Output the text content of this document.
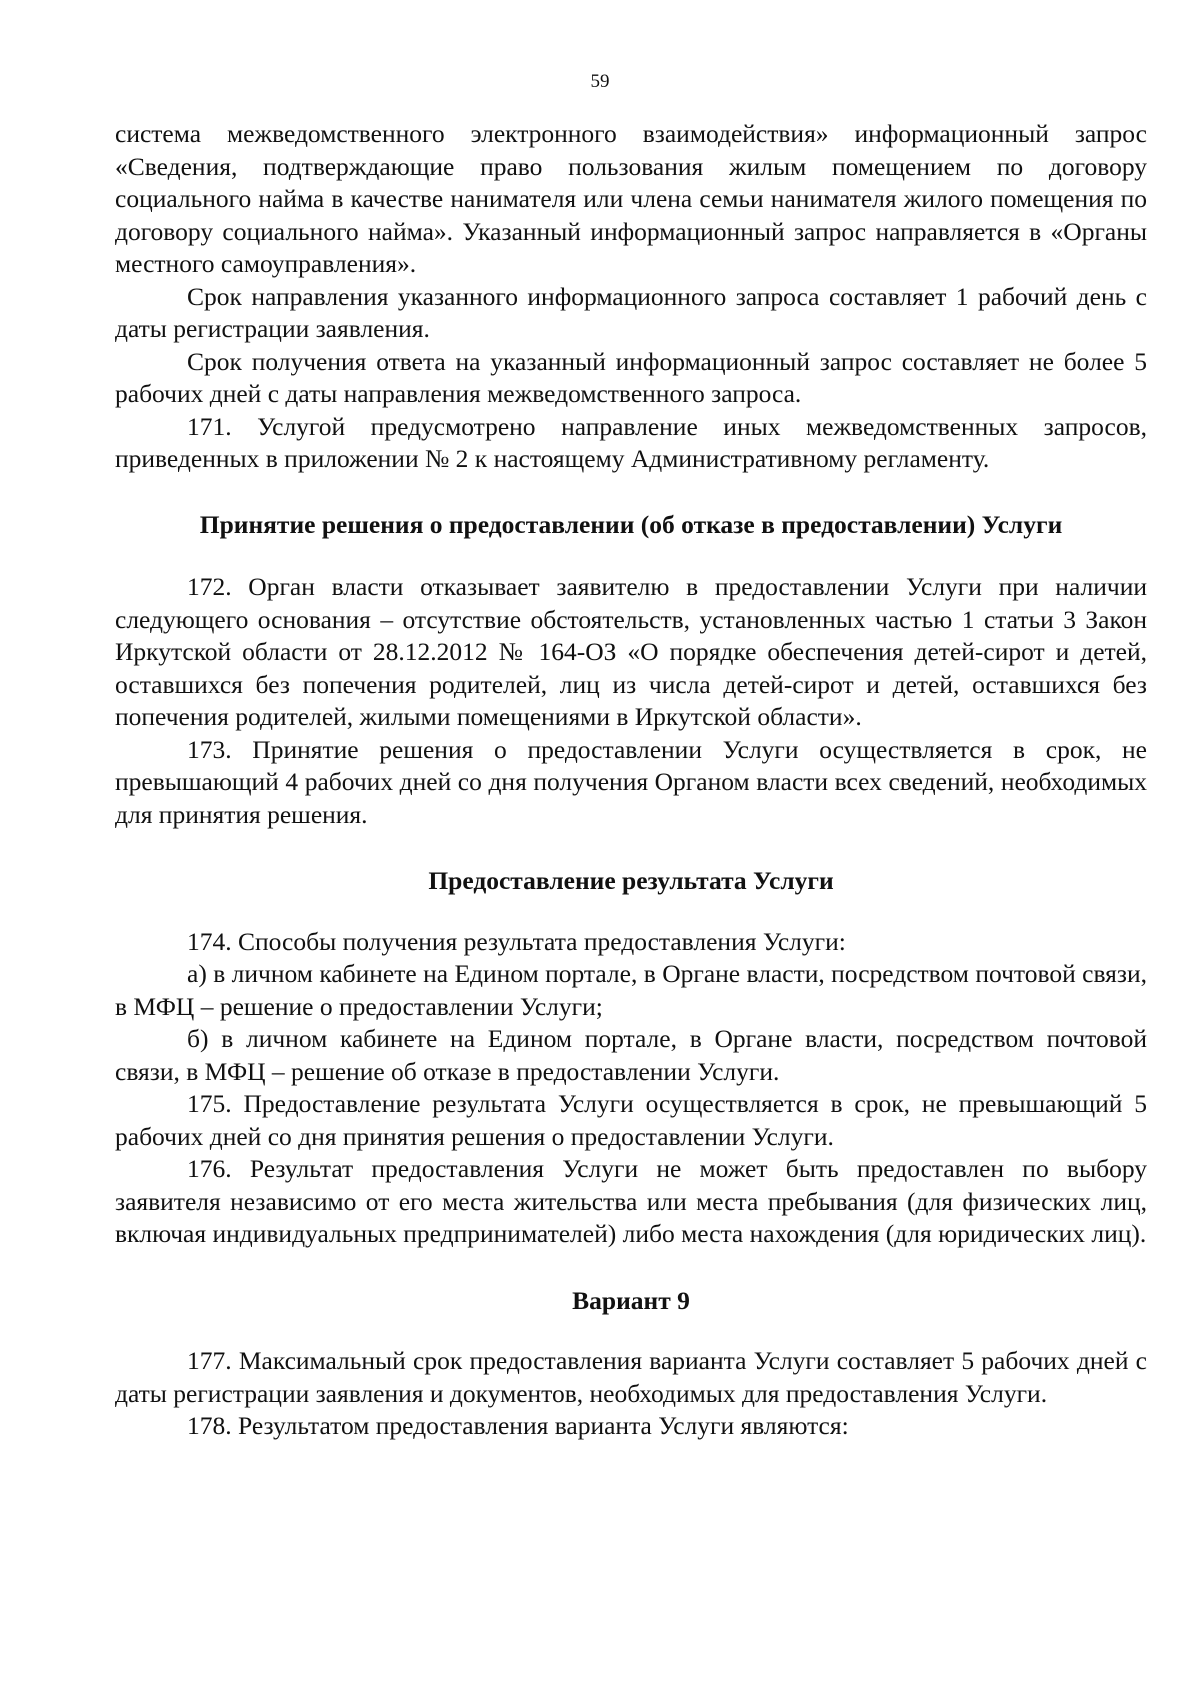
59

система межведомственного электронного взаимодействия» информационный запрос «Сведения, подтверждающие право пользования жилым помещением по договору социального найма в качестве нанимателя или члена семьи нанимателя жилого помещения по договору социального найма». Указанный информационный запрос направляется в «Органы местного самоуправления».

Срок направления указанного информационного запроса составляет 1 рабочий день с даты регистрации заявления.

Срок получения ответа на указанный информационный запрос составляет не более 5 рабочих дней с даты направления межведомственного запроса.

171. Услугой предусмотрено направление иных межведомственных запросов, приведенных в приложении № 2 к настоящему Административному регламенту.

Принятие решения о предоставлении (об отказе в предоставлении) Услуги

172. Орган власти отказывает заявителю в предоставлении Услуги при наличии следующего основания – отсутствие обстоятельств, установленных частью 1 статьи 3 Закон Иркутской области от 28.12.2012 № 164-ОЗ «О порядке обеспечения детей-сирот и детей, оставшихся без попечения родителей, лиц из числа детей-сирот и детей, оставшихся без попечения родителей, жилыми помещениями в Иркутской области».

173. Принятие решения о предоставлении Услуги осуществляется в срок, не превышающий 4 рабочих дней со дня получения Органом власти всех сведений, необходимых для принятия решения.

Предоставление результата Услуги

174. Способы получения результата предоставления Услуги:

а) в личном кабинете на Едином портале, в Органе власти, посредством почтовой связи, в МФЦ – решение о предоставлении Услуги;

б) в личном кабинете на Едином портале, в Органе власти, посредством почтовой связи, в МФЦ – решение об отказе в предоставлении Услуги.

175. Предоставление результата Услуги осуществляется в срок, не превышающий 5 рабочих дней со дня принятия решения о предоставлении Услуги.

176. Результат предоставления Услуги не может быть предоставлен по выбору заявителя независимо от его места жительства или места пребывания (для физических лиц, включая индивидуальных предпринимателей) либо места нахождения (для юридических лиц).

Вариант 9

177. Максимальный срок предоставления варианта Услуги составляет 5 рабочих дней с даты регистрации заявления и документов, необходимых для предоставления Услуги.

178. Результатом предоставления варианта Услуги являются:
